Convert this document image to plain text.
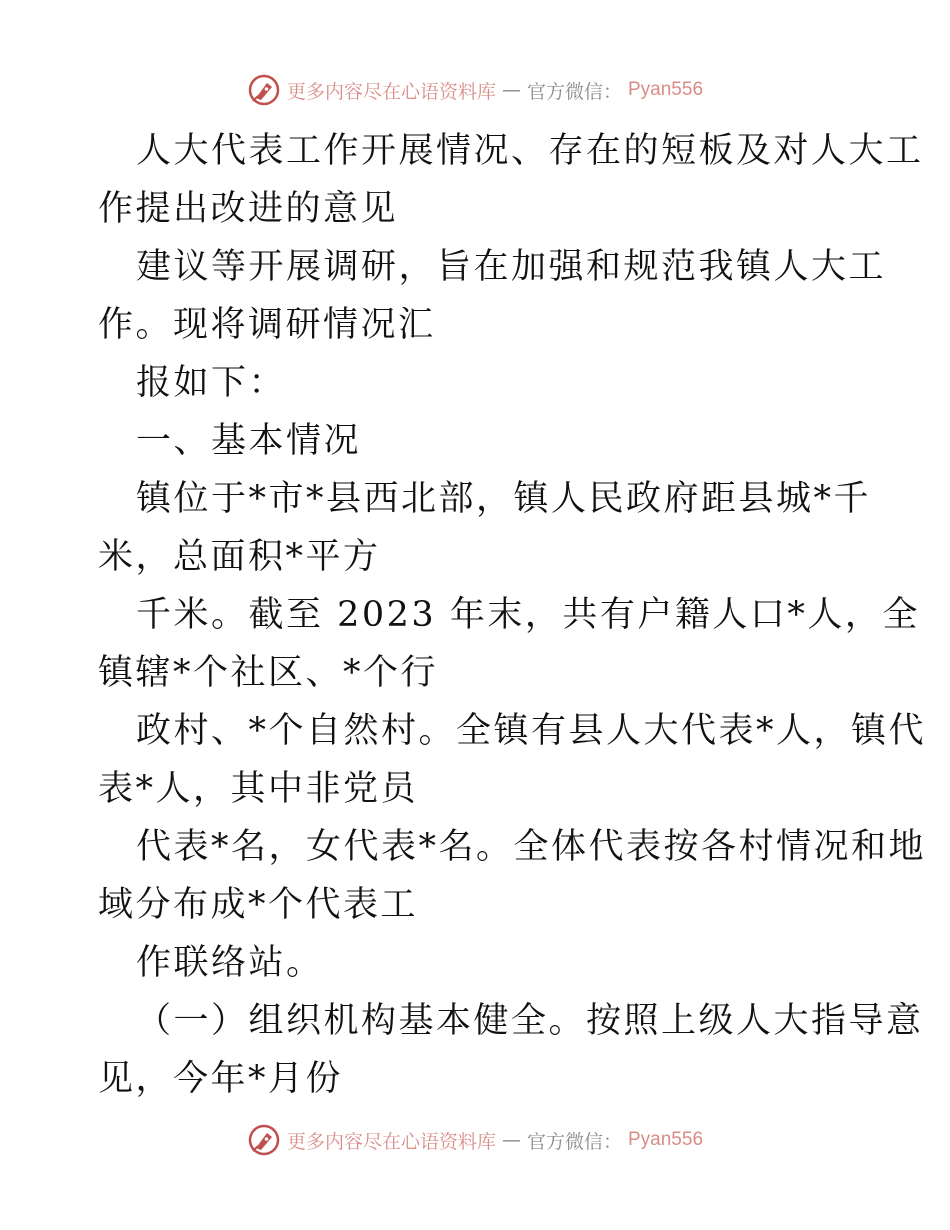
更多内容尽在心语资料库 — 官方微信： Pyan556
人大代表工作开展情况、存在的短板及对人大工
作提出改进的意见
建议等开展调研，旨在加强和规范我镇人大工
作。现将调研情况汇
报如下：
一、基本情况
镇位于*市*县西北部，镇人民政府距县城*千
米，总面积*平方
千米。截至 2023 年末，共有户籍人口*人，全
镇辖*个社区、*个行
政村、*个自然村。全镇有县人大代表*人，镇代
表*人，其中非党员
代表*名，女代表*名。全体代表按各村情况和地
域分布成*个代表工
作联络站。
（一）组织机构基本健全。按照上级人大指导意
见，今年*月份
更多内容尽在心语资料库 — 官方微信： Pyan556
